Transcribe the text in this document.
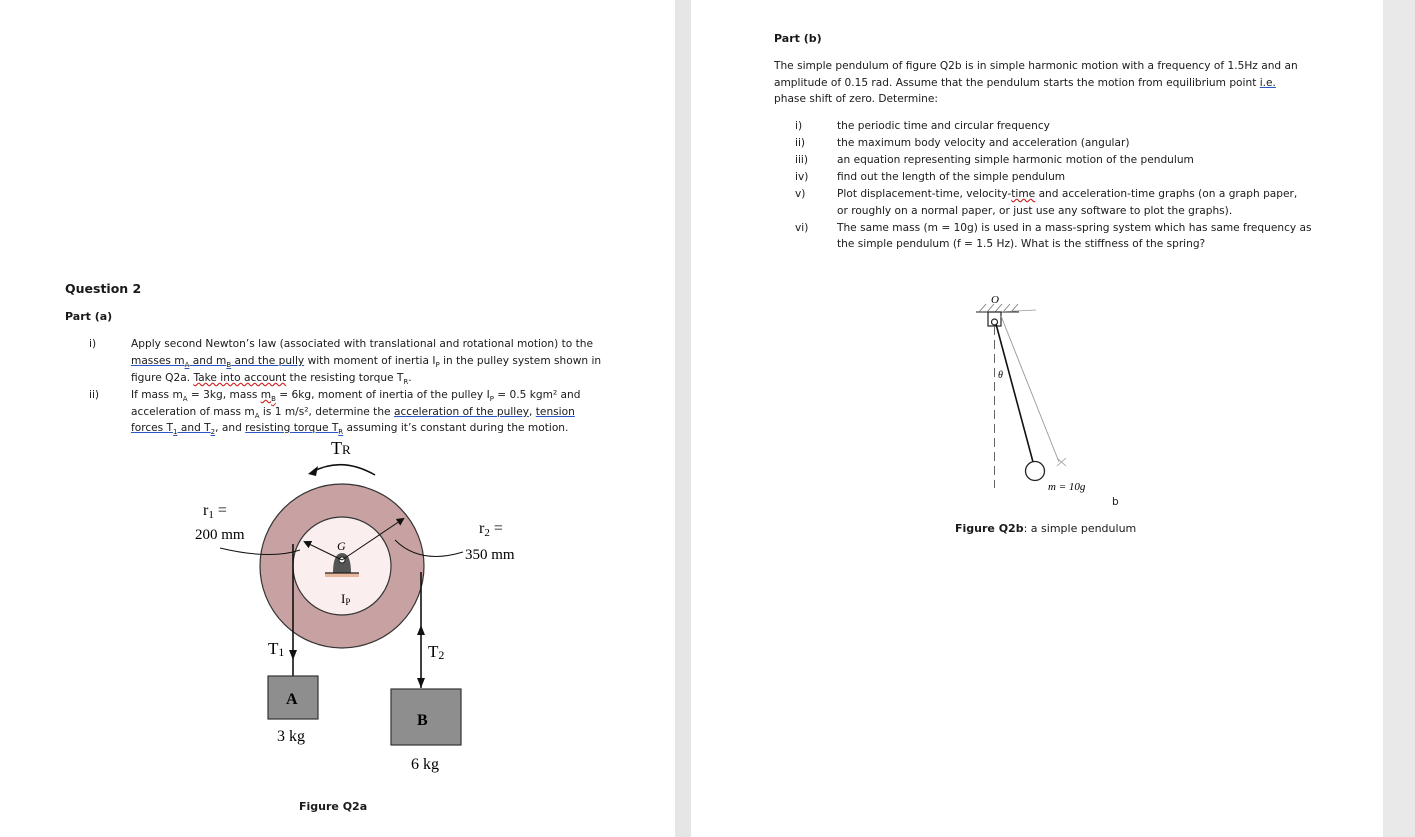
Question 2
Part (a)
i)	Apply second Newton’s law (associated with translational and rotational motion) to the
masses $m_A$ and $m_B$ and the pully with moment of inertia $I_P$ in the pulley system shown in
figure Q2a. Take into account the resisting torque $T_R$.
ii)	If mass $m_A = 3kg$, mass $m_B = 6kg$, moment of inertia of the pulley $I_P = 0.5$ kgm² and
acceleration of mass $m_A$ is 1 m/s², determine the acceleration of the pulley, tension
forces $T_1$ and $T_2$, and resisting torque $T_R$ assuming it’s constant during the motion.
TR
G
IP
r1 =
200 mm	r2 =
350 mm
T1	T2
A
3 kg
B
6 kg
Figure Q2a
Part (b)
The simple pendulum of figure Q2b is in simple harmonic motion with a frequency of 1.5Hz and an
amplitude of 0.15 rad. Assume that the pendulum starts the motion from equilibrium point i.e.
phase shift of zero. Determine:
i)	the periodic time and circular frequency
ii)	the maximum body velocity and acceleration (angular)
iii)	an equation representing simple harmonic motion of the pendulum
iv)	find out the length of the simple pendulum
v)	Plot displacement-time, velocity-time and acceleration-time graphs (on a graph paper,
or roughly on a normal paper, or just use any software to plot the graphs).
vi)	The same mass (m = 10g) is used in a mass-spring system which has same frequency as
the simple pendulum (f = 1.5 Hz). What is the stiffness of the spring?
O
θ
m = 10g
b
Figure Q2b: a simple pendulum
